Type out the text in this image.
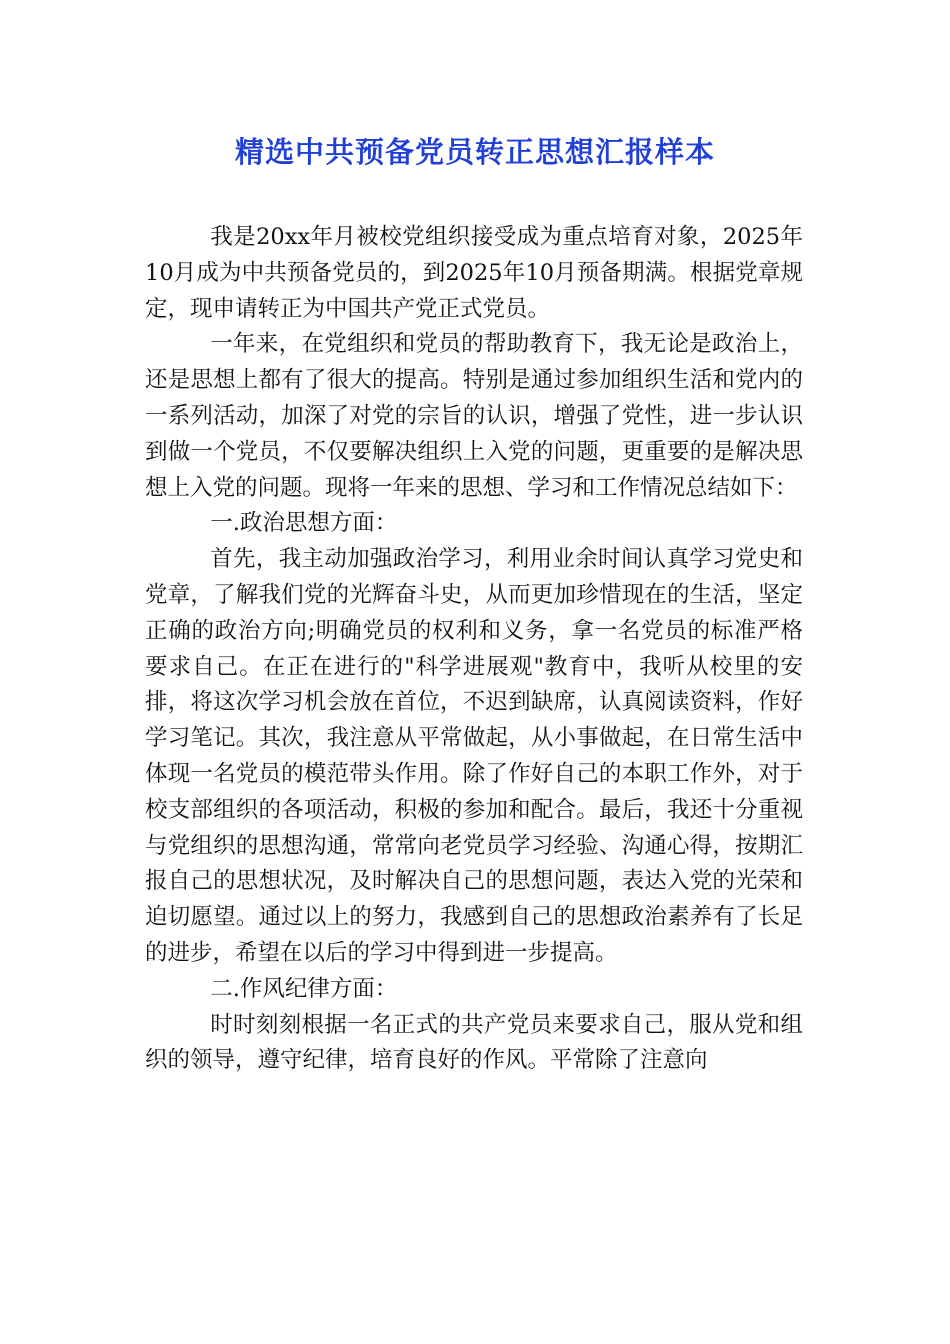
精选中共预备党员转正思想汇报样本

我是20xx年月被校党组织接受成为重点培育对象，2025年10月成为中共预备党员的，到2025年10月预备期满。根据党章规定，现申请转正为中国共产党正式党员。

一年来，在党组织和党员的帮助教育下，我无论是政治上，还是思想上都有了很大的提高。特别是通过参加组织生活和党内的一系列活动，加深了对党的宗旨的认识，增强了党性，进一步认识到做一个党员，不仅要解决组织上入党的问题，更重要的是解决思想上入党的问题。现将一年来的思想、学习和工作情况总结如下：

一.政治思想方面：

首先，我主动加强政治学习，利用业余时间认真学习党史和党章，了解我们党的光辉奋斗史，从而更加珍惜现在的生活，坚定正确的政治方向;明确党员的权利和义务，拿一名党员的标准严格要求自己。在正在进行的"科学进展观"教育中，我听从校里的安排，将这次学习机会放在首位，不迟到缺席，认真阅读资料，作好学习笔记。其次，我注意从平常做起，从小事做起，在日常生活中体现一名党员的模范带头作用。除了作好自己的本职工作外，对于校支部组织的各项活动，积极的参加和配合。最后，我还十分重视与党组织的思想沟通，常常向老党员学习经验、沟通心得，按期汇报自己的思想状况，及时解决自己的思想问题，表达入党的光荣和迫切愿望。通过以上的努力，我感到自己的思想政治素养有了长足的进步，希望在以后的学习中得到进一步提高。

二.作风纪律方面：

时时刻刻根据一名正式的共产党员来要求自己，服从党和组织的领导，遵守纪律，培育良好的作风。平常除了注意向
